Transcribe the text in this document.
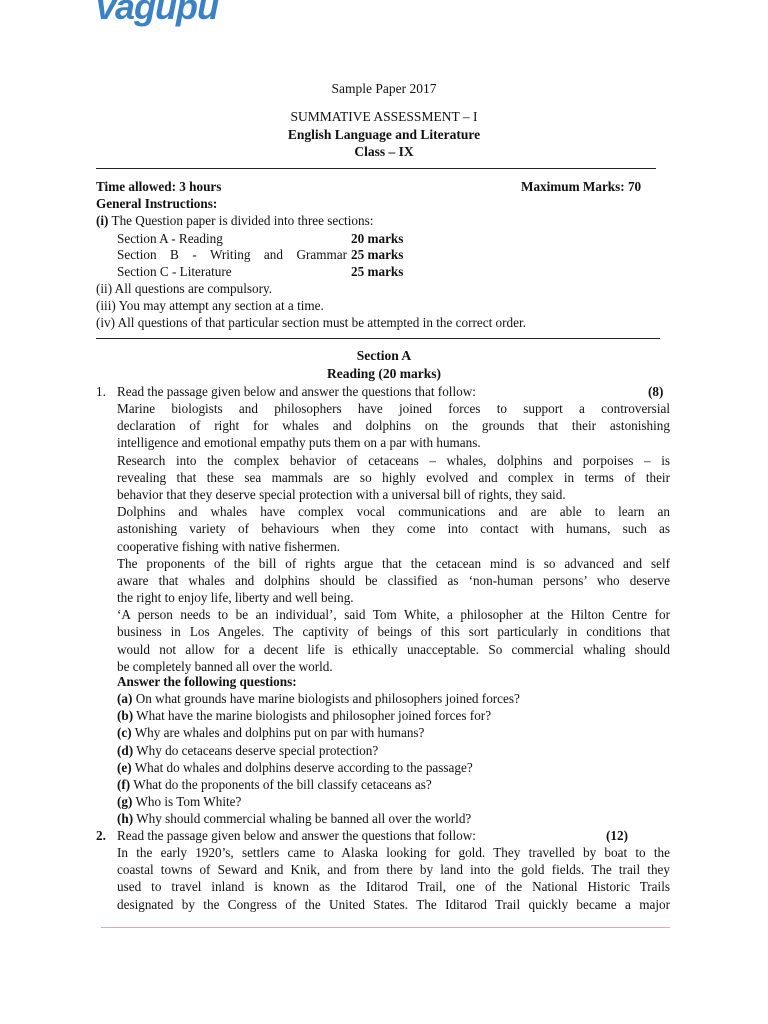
vagupu
Sample Paper 2017
SUMMATIVE ASSESSMENT – I
English Language and Literature
Class – IX
Time allowed: 3 hours	Maximum Marks: 70
General Instructions:
(i) The Question paper is divided into three sections:
Section A - Reading	20 marks
Section B - Writing and Grammar 25 marks
Section C - Literature	25 marks
(ii) All questions are compulsory.
(iii) You may attempt any section at a time.
(iv) All questions of that particular section must be attempted in the correct order.
Section A
Reading (20 marks)
1. Read the passage given below and answer the questions that follow:	(8)
Marine biologists and philosophers have joined forces to support a controversial
declaration of right for whales and dolphins on the grounds that their astonishing
intelligence and emotional empathy puts them on a par with humans.
Research into the complex behavior of cetaceans – whales, dolphins and porpoises – is
revealing that these sea mammals are so highly evolved and complex in terms of their
behavior that they deserve special protection with a universal bill of rights, they said.
Dolphins and whales have complex vocal communications and are able to learn an
astonishing variety of behaviours when they come into contact with humans, such as
cooperative fishing with native fishermen.
The proponents of the bill of rights argue that the cetacean mind is so advanced and self
aware that whales and dolphins should be classified as ‘non-human persons’ who deserve
the right to enjoy life, liberty and well being.
‘A person needs to be an individual’, said Tom White, a philosopher at the Hilton Centre for
business in Los Angeles. The captivity of beings of this sort particularly in conditions that
would not allow for a decent life is ethically unacceptable. So commercial whaling should
be completely banned all over the world.
Answer the following questions:
(a) On what grounds have marine biologists and philosophers joined forces?
(b) What have the marine biologists and philosopher joined forces for?
(c) Why are whales and dolphins put on par with humans?
(d) Why do cetaceans deserve special protection?
(e) What do whales and dolphins deserve according to the passage?
(f) What do the proponents of the bill classify cetaceans as?
(g) Who is Tom White?
(h) Why should commercial whaling be banned all over the world?
2. Read the passage given below and answer the questions that follow:	(12)
In the early 1920’s, settlers came to Alaska looking for gold. They travelled by boat to the
coastal towns of Seward and Knik, and from there by land into the gold fields. The trail they
used to travel inland is known as the Iditarod Trail, one of the National Historic Trails
designated by the Congress of the United States. The Iditarod Trail quickly became a major
